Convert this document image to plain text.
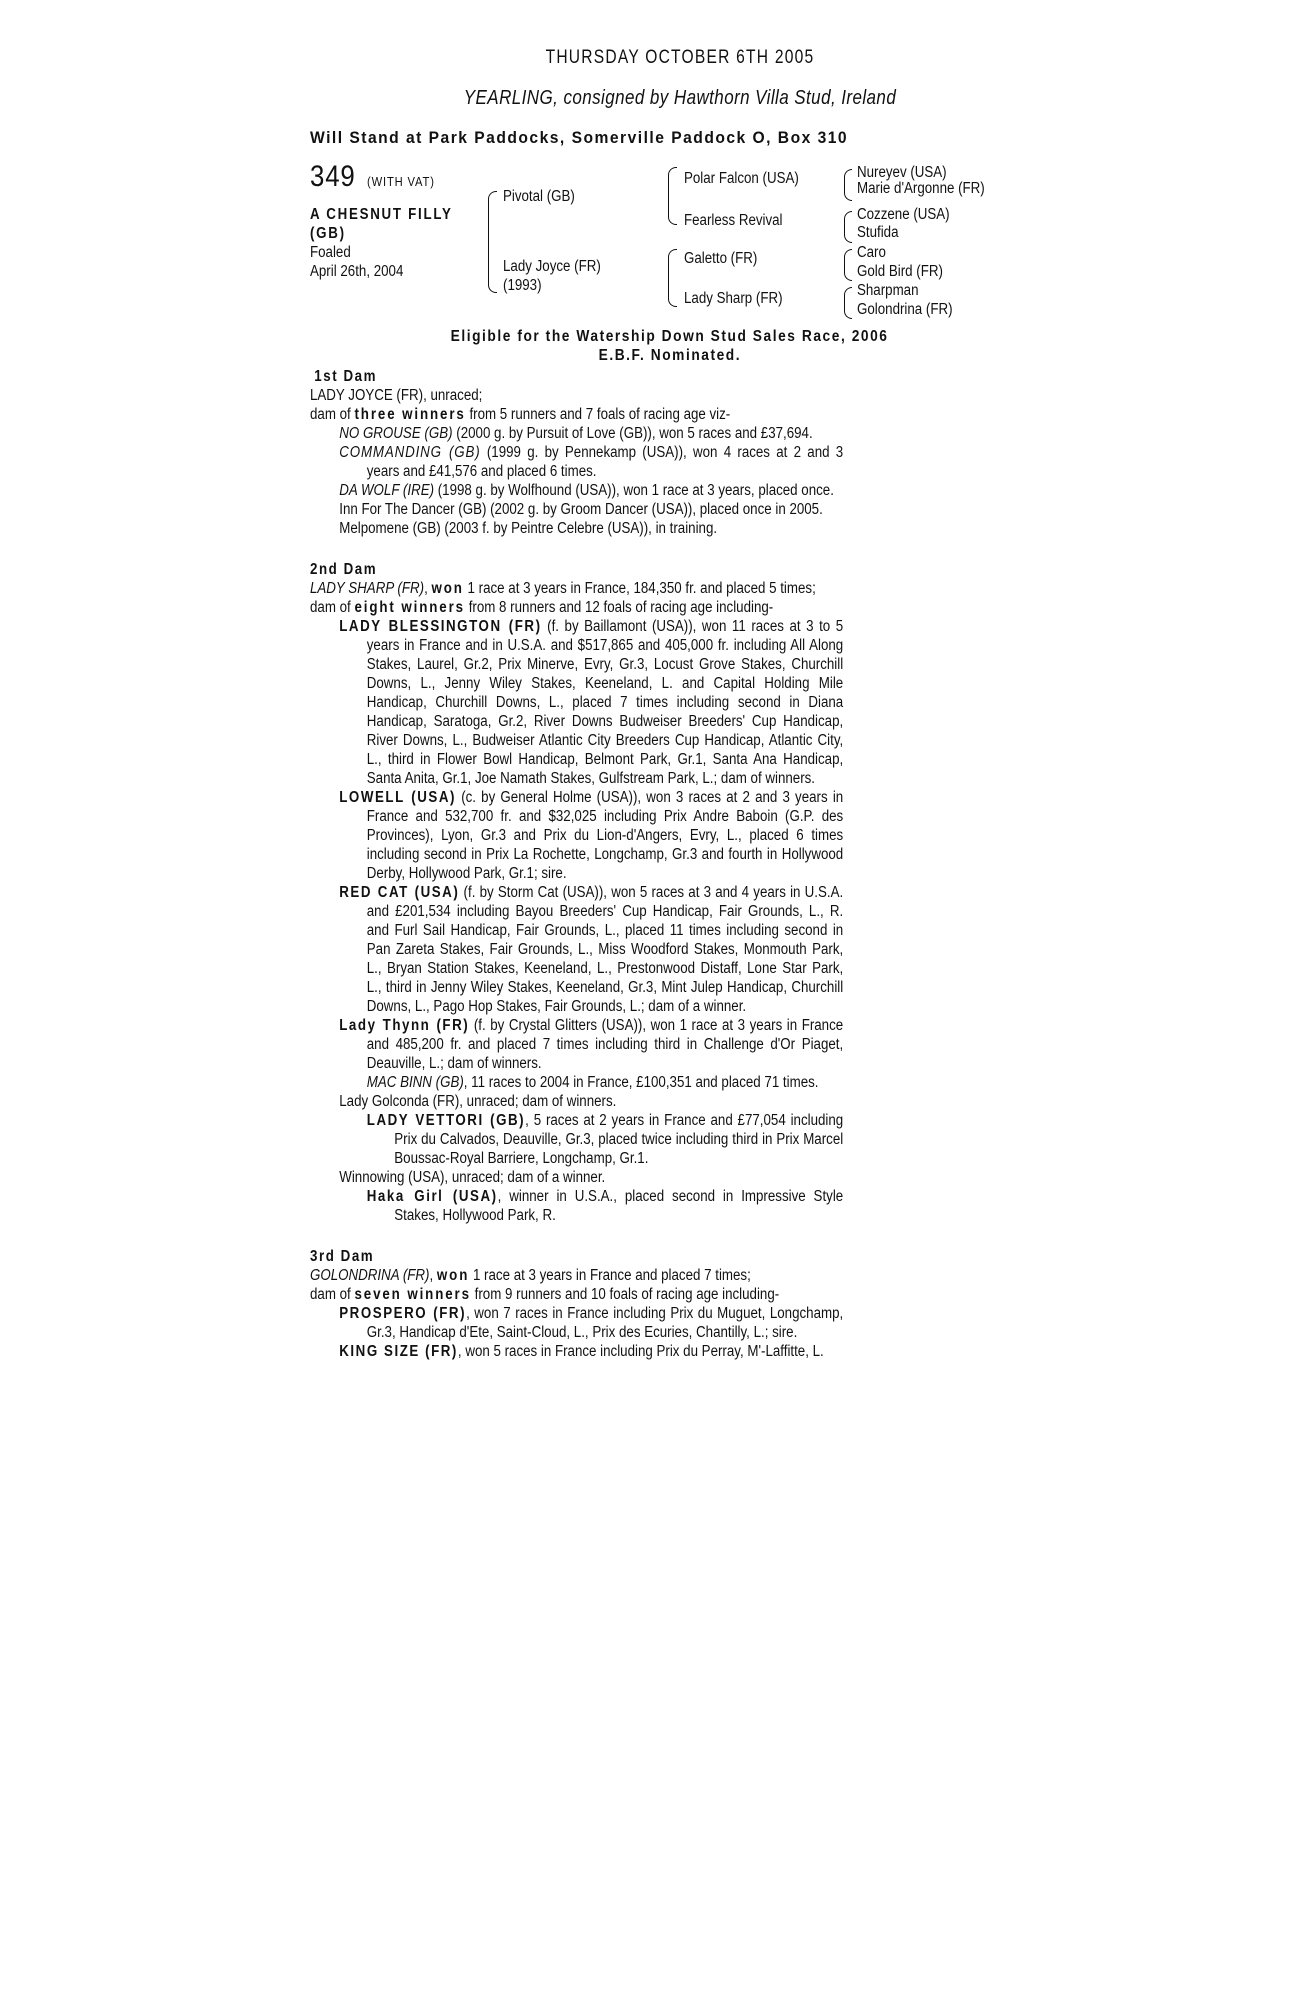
THURSDAY OCTOBER 6TH 2005
YEARLING, consigned by Hawthorn Villa Stud, Ireland
Will Stand at Park Paddocks, Somerville Paddock O, Box 310
349 (WITH VAT)
A CHESNUT FILLY
(GB)
Foaled
April 26th, 2004
Pivotal (GB)
Lady Joyce (FR)
(1993)
Polar Falcon (USA)
Fearless Revival
Galetto (FR)
Lady Sharp (FR)
Nureyev (USA)
Marie d'Argonne (FR)
Cozzene (USA)
Stufida
Caro
Gold Bird (FR)
Sharpman
Golondrina (FR)
Eligible for the Watership Down Stud Sales Race, 2006
E.B.F. Nominated.
1st Dam
LADY JOYCE (FR), unraced;
dam of three winners from 5 runners and 7 foals of racing age viz-
NO GROUSE (GB) (2000 g. by Pursuit of Love (GB)), won 5 races and £37,694.
COMMANDING (GB) (1999 g. by Pennekamp (USA)), won 4 races at 2 and 3 years and £41,576 and placed 6 times.
DA WOLF (IRE) (1998 g. by Wolfhound (USA)), won 1 race at 3 years, placed once.
Inn For The Dancer (GB) (2002 g. by Groom Dancer (USA)), placed once in 2005.
Melpomene (GB) (2003 f. by Peintre Celebre (USA)), in training.
2nd Dam
LADY SHARP (FR), won 1 race at 3 years in France, 184,350 fr. and placed 5 times;
dam of eight winners from 8 runners and 12 foals of racing age including-
LADY BLESSINGTON (FR) (f. by Baillamont (USA)), won 11 races at 3 to 5 years in France and in U.S.A. and $517,865 and 405,000 fr. including All Along Stakes, Laurel, Gr.2, Prix Minerve, Evry, Gr.3, Locust Grove Stakes, Churchill Downs, L., Jenny Wiley Stakes, Keeneland, L. and Capital Holding Mile Handicap, Churchill Downs, L., placed 7 times including second in Diana Handicap, Saratoga, Gr.2, River Downs Budweiser Breeders' Cup Handicap, River Downs, L., Budweiser Atlantic City Breeders Cup Handicap, Atlantic City, L., third in Flower Bowl Handicap, Belmont Park, Gr.1, Santa Ana Handicap, Santa Anita, Gr.1, Joe Namath Stakes, Gulfstream Park, L.; dam of winners.
LOWELL (USA) (c. by General Holme (USA)), won 3 races at 2 and 3 years in France and 532,700 fr. and $32,025 including Prix Andre Baboin (G.P. des Provinces), Lyon, Gr.3 and Prix du Lion-d'Angers, Evry, L., placed 6 times including second in Prix La Rochette, Longchamp, Gr.3 and fourth in Hollywood Derby, Hollywood Park, Gr.1; sire.
RED CAT (USA) (f. by Storm Cat (USA)), won 5 races at 3 and 4 years in U.S.A. and £201,534 including Bayou Breeders' Cup Handicap, Fair Grounds, L., R. and Furl Sail Handicap, Fair Grounds, L., placed 11 times including second in Pan Zareta Stakes, Fair Grounds, L., Miss Woodford Stakes, Monmouth Park, L., Bryan Station Stakes, Keeneland, L., Prestonwood Distaff, Lone Star Park, L., third in Jenny Wiley Stakes, Keeneland, Gr.3, Mint Julep Handicap, Churchill Downs, L., Pago Hop Stakes, Fair Grounds, L.; dam of a winner.
Lady Thynn (FR) (f. by Crystal Glitters (USA)), won 1 race at 3 years in France and 485,200 fr. and placed 7 times including third in Challenge d'Or Piaget, Deauville, L.; dam of winners.
MAC BINN (GB), 11 races to 2004 in France, £100,351 and placed 71 times.
Lady Golconda (FR), unraced; dam of winners.
LADY VETTORI (GB), 5 races at 2 years in France and £77,054 including Prix du Calvados, Deauville, Gr.3, placed twice including third in Prix Marcel Boussac-Royal Barriere, Longchamp, Gr.1.
Winnowing (USA), unraced; dam of a winner.
Haka Girl (USA), winner in U.S.A., placed second in Impressive Style Stakes, Hollywood Park, R.
3rd Dam
GOLONDRINA (FR), won 1 race at 3 years in France and placed 7 times;
dam of seven winners from 9 runners and 10 foals of racing age including-
PROSPERO (FR), won 7 races in France including Prix du Muguet, Longchamp, Gr.3, Handicap d'Ete, Saint-Cloud, L., Prix des Ecuries, Chantilly, L.; sire.
KING SIZE (FR), won 5 races in France including Prix du Perray, M'-Laffitte, L.
